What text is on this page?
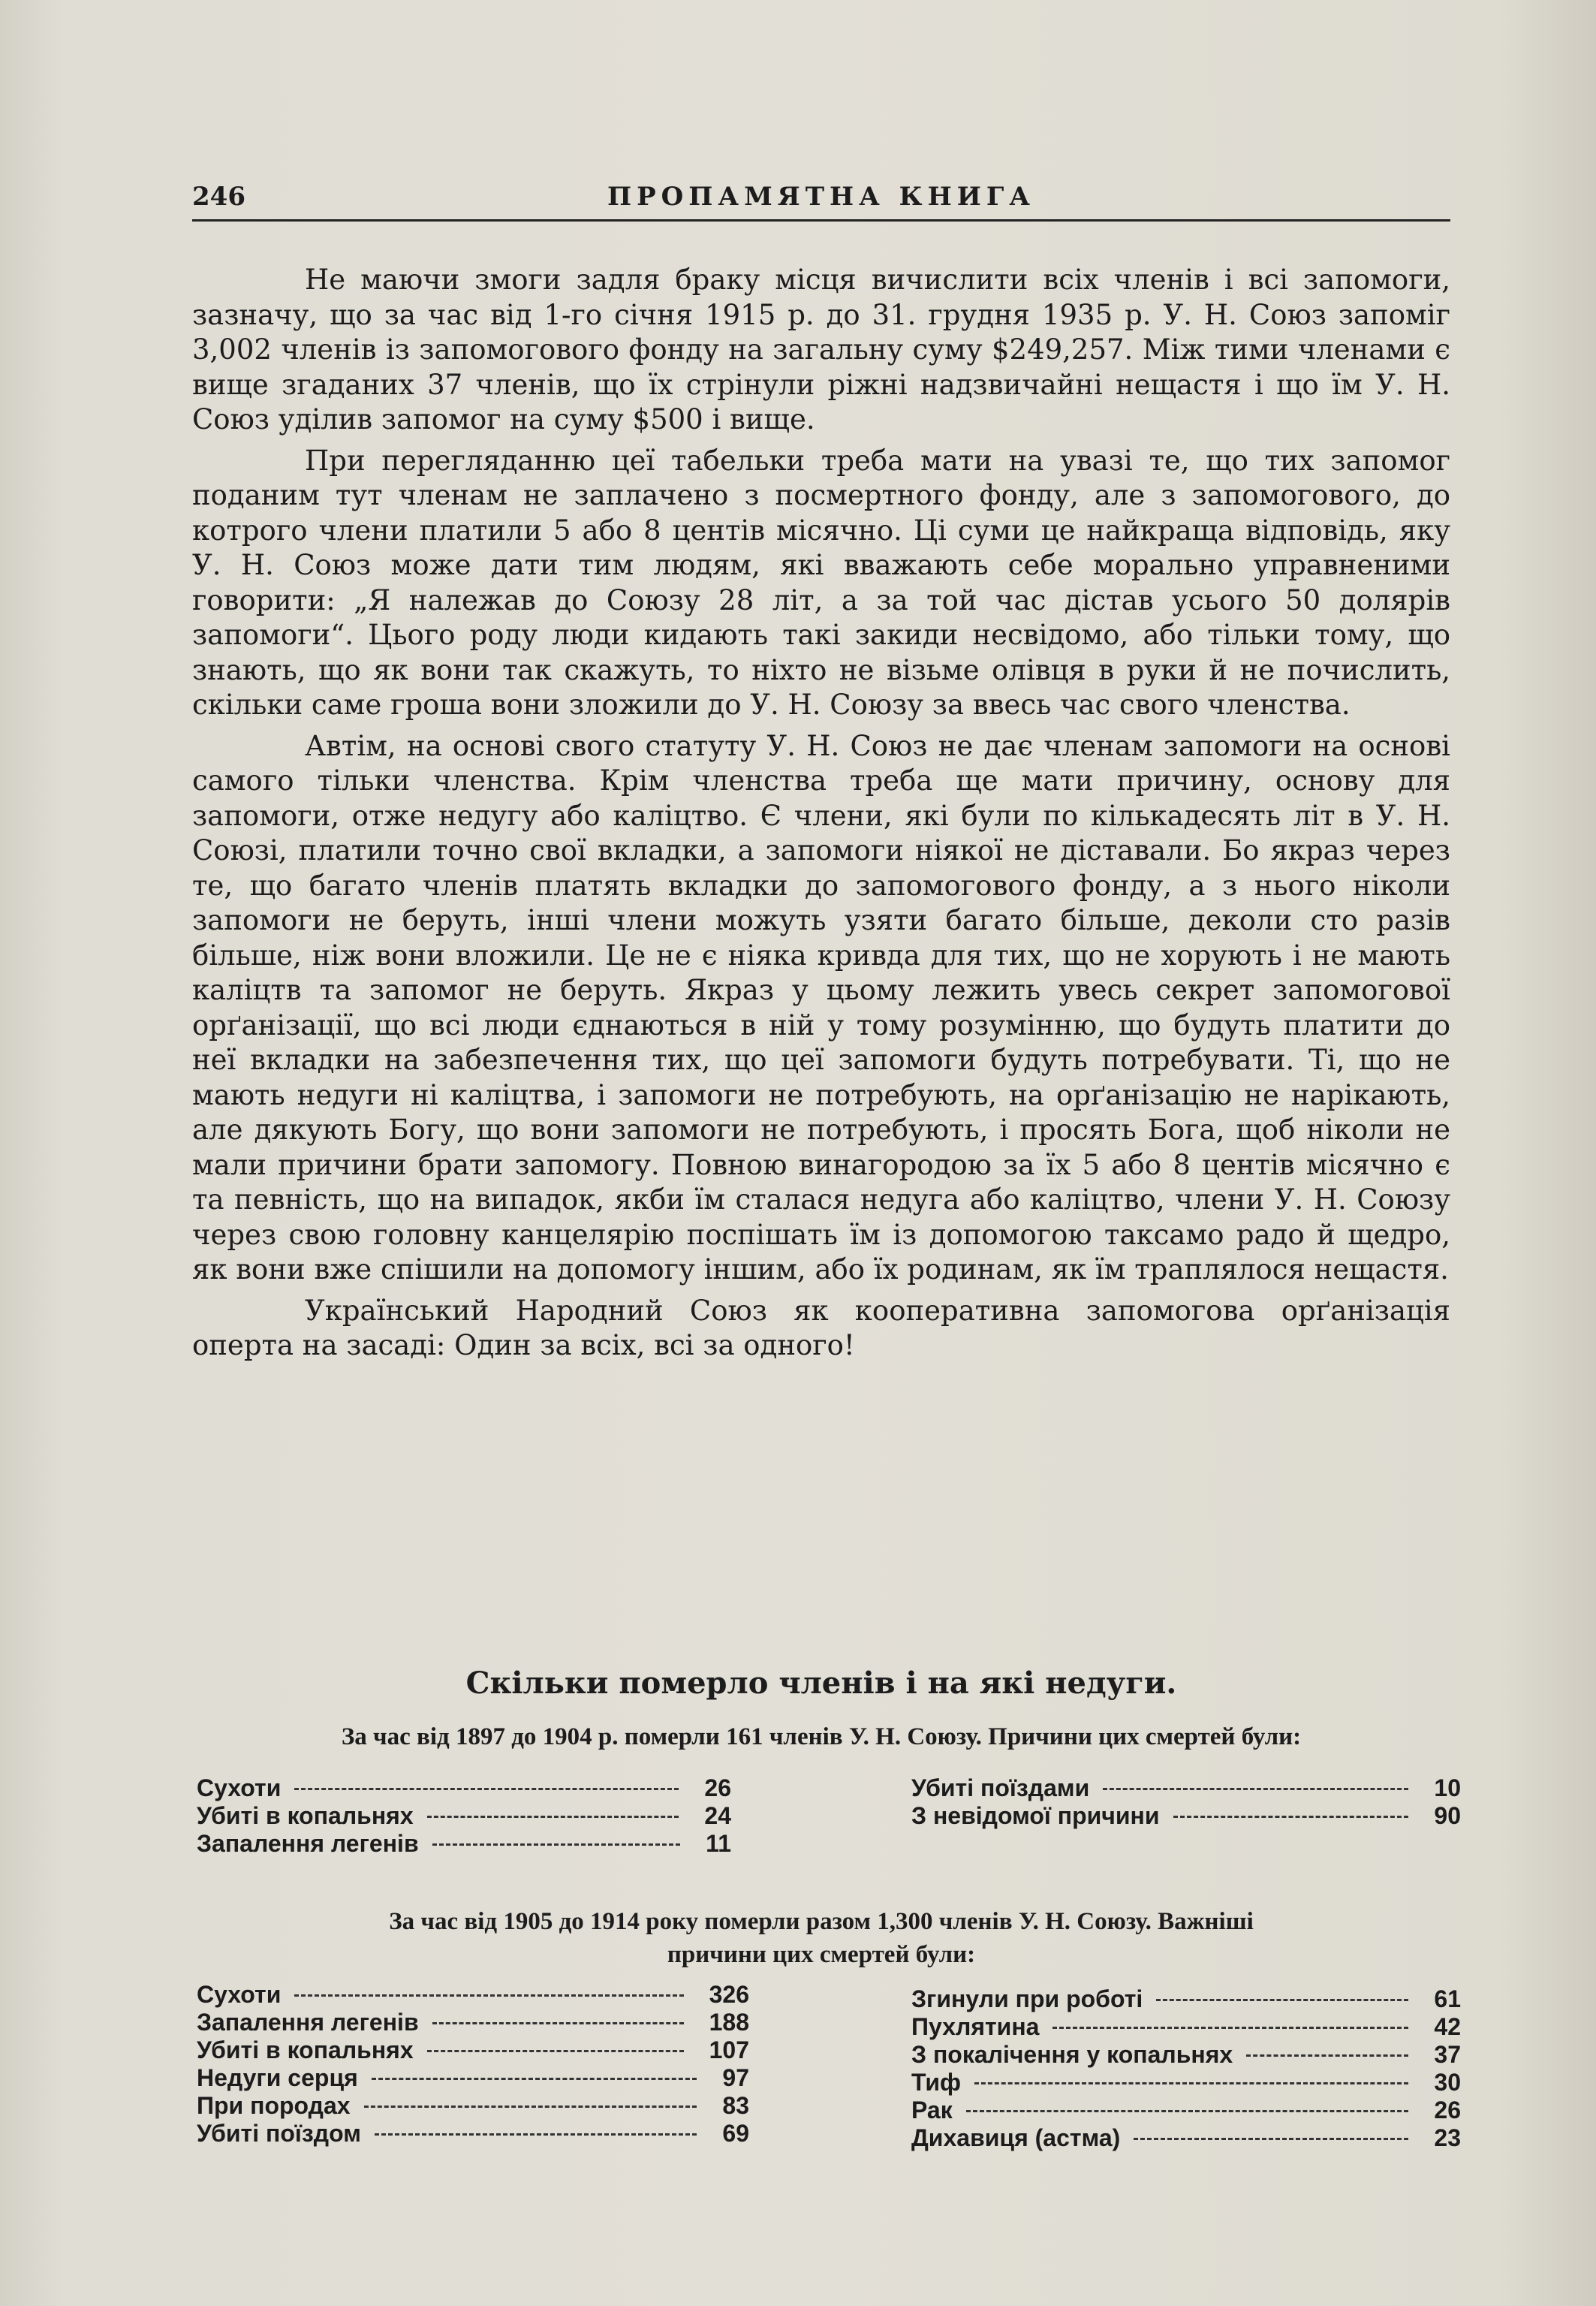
246	ПРОПАМЯТНА КНИГА

Не маючи змоги задля браку місця вичислити всіх членів і всі запомоги, зазначу, що за час від 1-го січня 1915 р. до 31. грудня 1935 р. У. Н. Союз запоміг 3,002 членів із запомогового фонду на загальну суму $249,257. Між тими членами є вище згаданих 37 членів, що їх стрінули ріжні надзвичайні нещастя і що їм У. Н. Союз уділив запомог на суму $500 і вище.

При перегляданню цеї табельки треба мати на увазі те, що тих запомог поданим тут членам не заплачено з посмертного фонду, але з запомогового, до котрого члени платили 5 або 8 центів місячно. Ці суми це найкраща відповідь, яку У. Н. Союз може дати тим людям, які вважають себе морально управненими говорити: „Я належав до Союзу 28 літ, а за той час дістав усього 50 долярів запомоги“. Цього роду люди кидають такі закиди несвідомо, або тільки тому, що знають, що як вони так скажуть, то ніхто не візьме олівця в руки й не почислить, скільки саме гроша вони зложили до У. Н. Союзу за ввесь час свого членства.

Автім, на основі свого статуту У. Н. Союз не дає членам запомоги на основі самого тільки членства. Крім членства треба ще мати причину, основу для запомоги, отже недугу або каліцтво. Є члени, які були по кількадесять літ в У. Н. Союзі, платили точно свої вкладки, а запомоги ніякої не діставали. Бо якраз через те, що багато членів платять вкладки до запомогового фонду, а з нього ніколи запомоги не беруть, інші члени можуть узяти багато більше, деколи сто разів більше, ніж вони вложили. Це не є ніяка кривда для тих, що не хорують і не мають каліцтв та запомог не беруть. Якраз у цьому лежить увесь секрет запомогової орґанізації, що всі люди єднаються в ній у тому розумінню, що будуть платити до неї вкладки на забезпечення тих, що цеї запомоги будуть потребувати. Ті, що не мають недуги ні каліцтва, і запомоги не потребують, на орґанізацію не нарікають, але дякують Богу, що вони запомоги не потребують, і просять Бога, щоб ніколи не мали причини брати запомогу. Повною винагородою за їх 5 або 8 центів місячно є та певність, що на випадок, якби їм сталася недуга або каліцтво, члени У. Н. Союзу через свою головну канцелярію поспішать їм із допомогою таксамо радо й щедро, як вони вже спішили на допомогу іншим, або їх родинам, як їм траплялося нещастя.

Український Народний Союз як кооперативна запомогова орґанізація оперта на засаді: Один за всіх, всі за одного!

Скільки померло членів і на які недуги.
За час від 1897 до 1904 р. померли 161 членів У. Н. Союзу. Причини цих смертей були:
Сухоти	26
Убиті в копальнях	24
Запалення легенів	11
Убиті поїздами	10
З невідомої причини	90
За час від 1905 до 1914 року померли разом 1,300 членів У. Н. Союзу. Важніші
причини цих смертей були:
Сухоти	326
Запалення легенів	188
Убиті в копальнях	107
Недуги серця	97
При породах	83
Убиті поїздом	69
Згинули при роботі	61
Пухлятина	42
З покалічення у копальнях	37
Тиф	30
Рак	26
Дихавиця (астма)	23
